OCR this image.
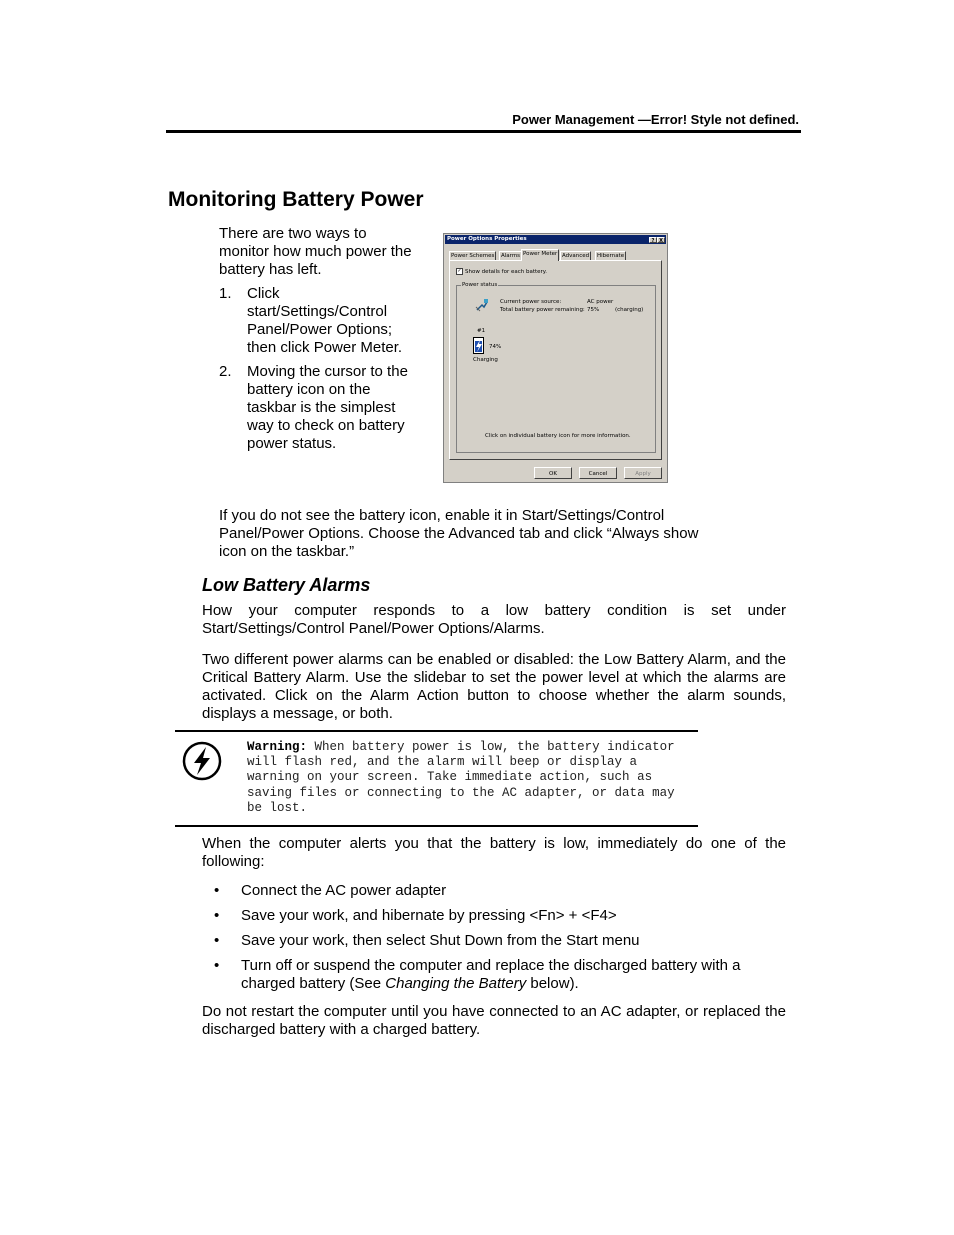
Power Management —Error! Style not defined.
Monitoring Battery Power
There are two ways to monitor how much power the battery has left.
1. Click start/Settings/Control Panel/Power Options; then click Power Meter.
2. Moving the cursor to the battery icon on the taskbar is the simplest way to check on battery power status.
Power Options Properties	? X
Power Schemes	Alarms Power Meter Advanced	Hibernate
✓ Show details for each battery.
Power status
Current power source:	AC power
Total battery power remaining: 75%	(charging)
#1
74%
Charging
Click on individual battery icon for more information.
OK	Cancel	Apply
If you do not see the battery icon, enable it in Start/Settings/Control Panel/Power Options. Choose the Advanced tab and click “Always show icon on the taskbar.”
Low Battery Alarms
How your computer responds to a low battery condition is set under Start/Settings/Control Panel/Power Options/Alarms.
Two different power alarms can be enabled or disabled: the Low Battery Alarm, and the Critical Battery Alarm. Use the slidebar to set the power level at which the alarms are activated. Click on the Alarm Action button to choose whether the alarm sounds, displays a message, or both.
Warning: When battery power is low, the battery indicator will flash red, and the alarm will beep or display a warning on your screen. Take immediate action, such as saving files or connecting to the AC adapter, or data may be lost.
When the computer alerts you that the battery is low, immediately do one of the following:
• Connect the AC power adapter
• Save your work, and hibernate by pressing <Fn> + <F4>
• Save your work, then select Shut Down from the Start menu
• Turn off or suspend the computer and replace the discharged battery with a charged battery (See Changing the Battery below).
Do not restart the computer until you have connected to an AC adapter, or replaced the discharged battery with a charged battery.
